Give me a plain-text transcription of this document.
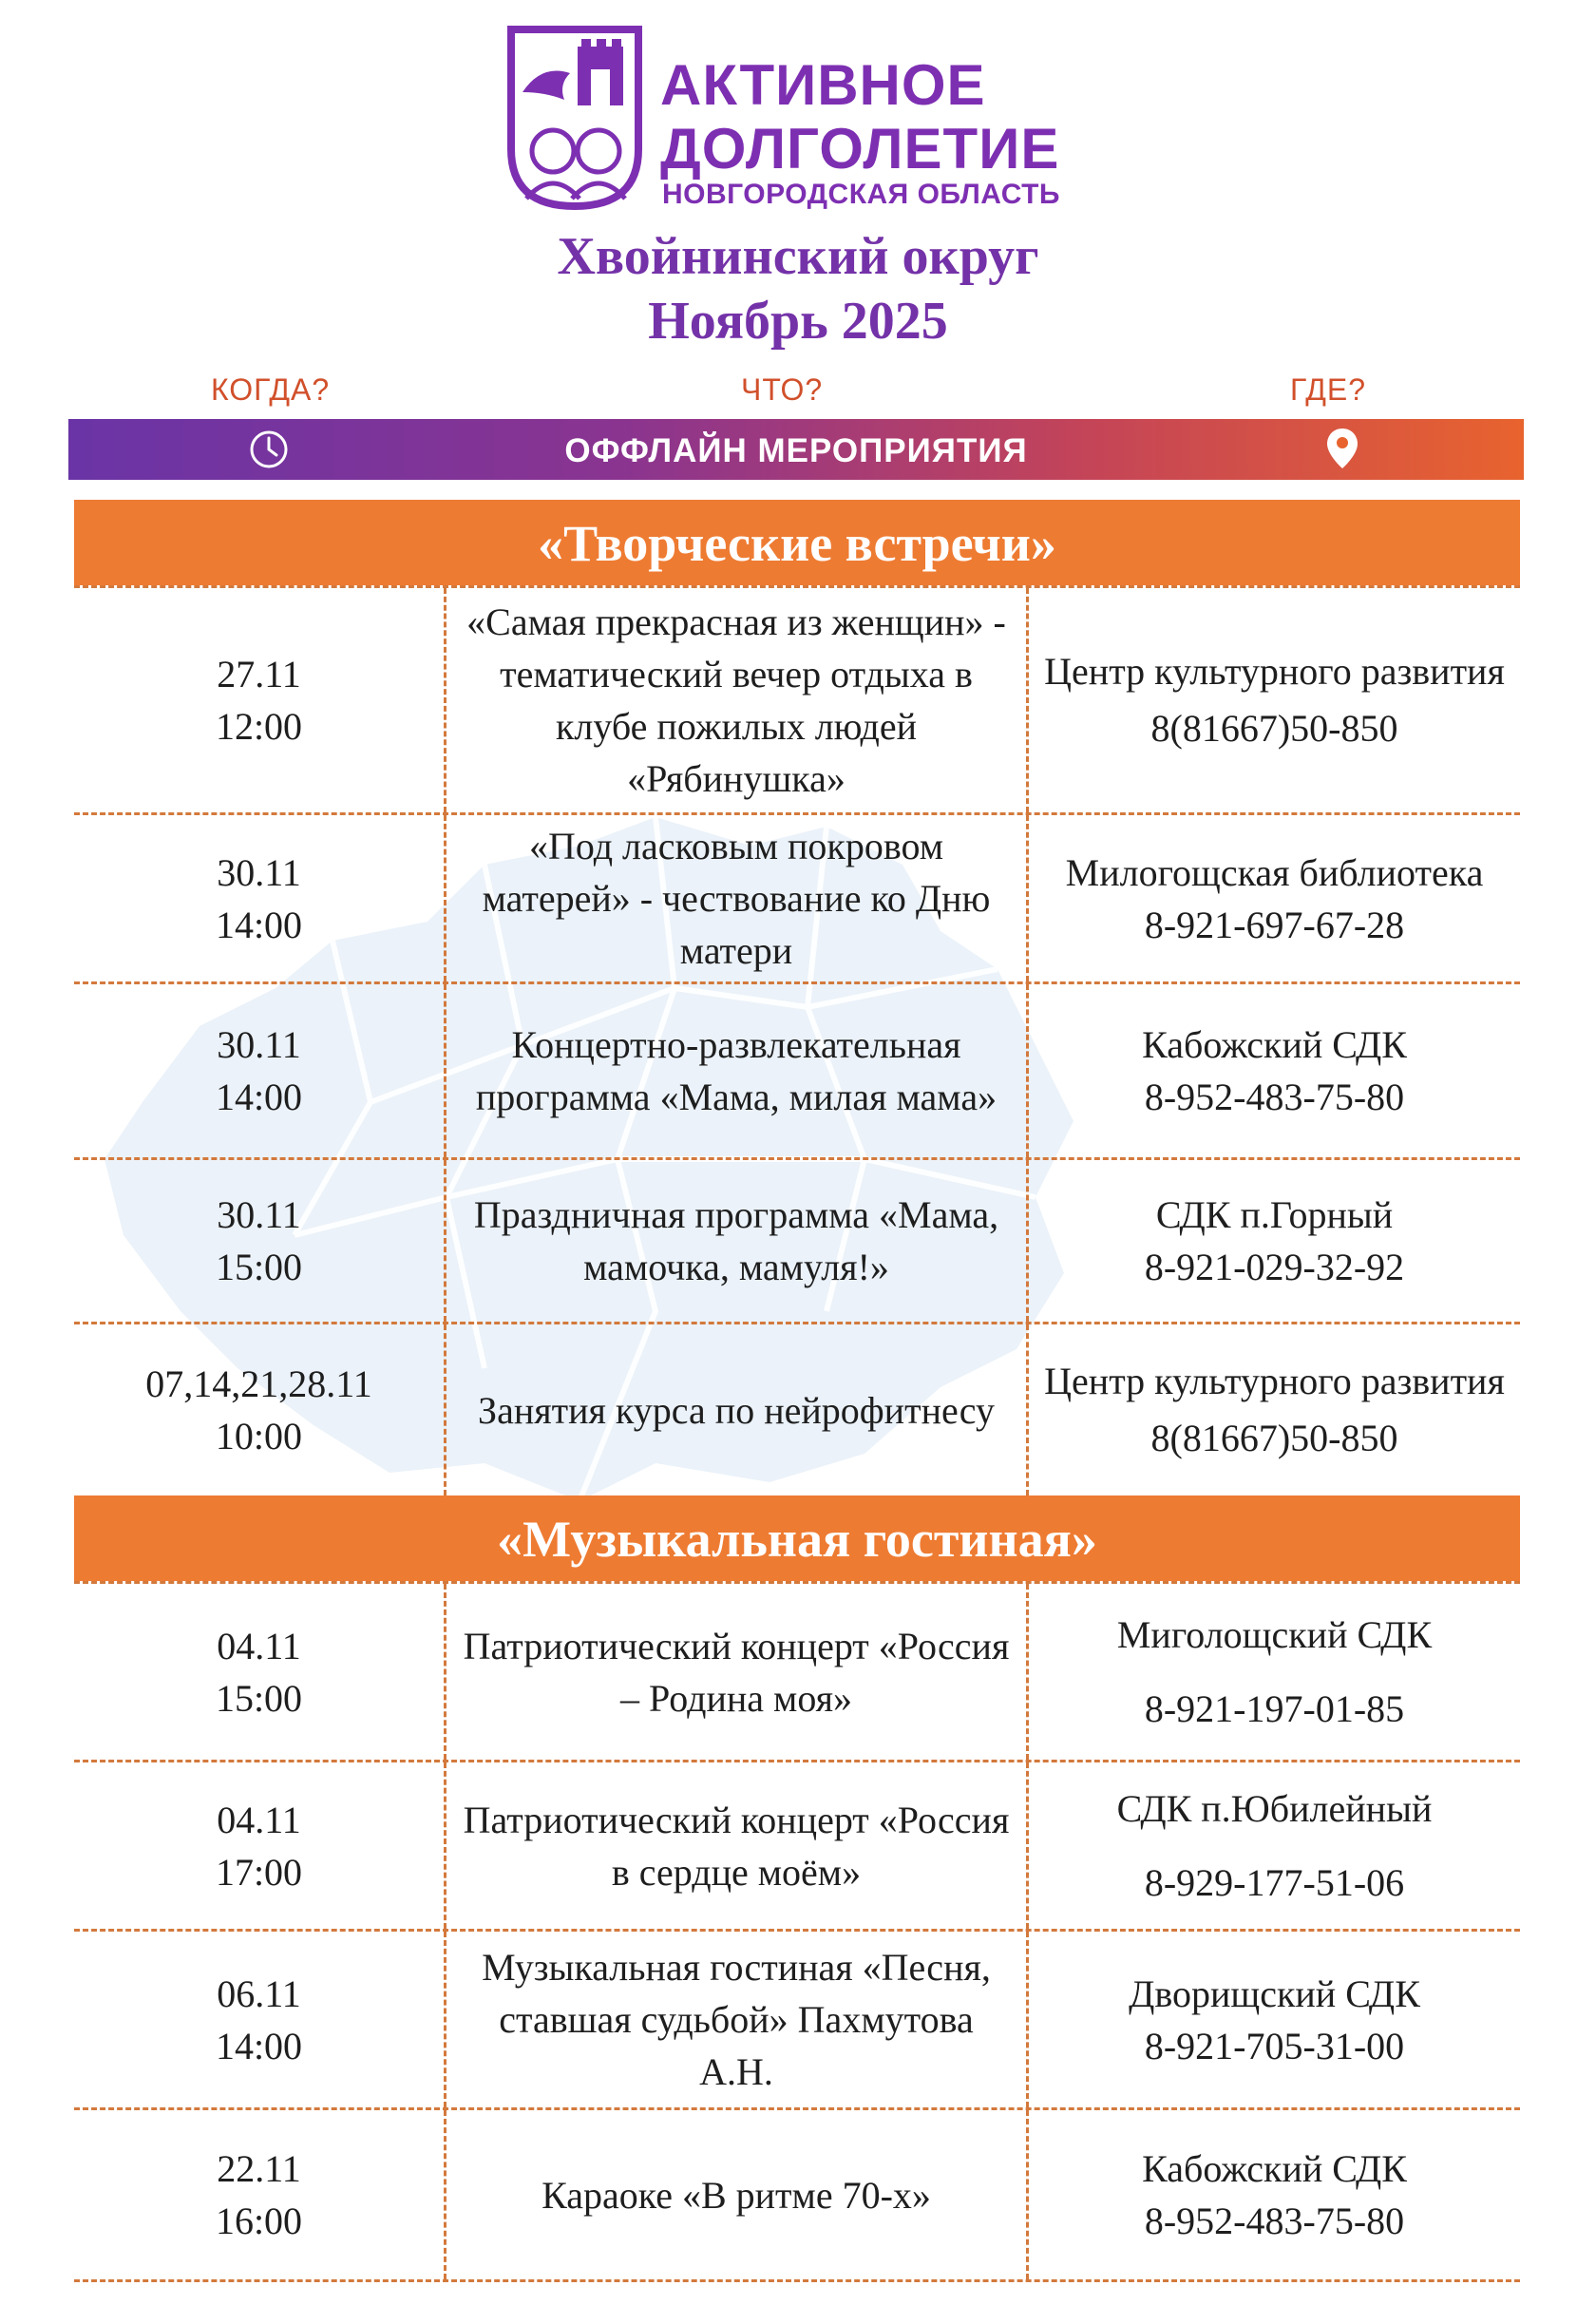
АКТИВНОЕ
ДОЛГОЛЕТИЕ
НОВГОРОДСКАЯ ОБЛАСТЬ
Хвойнинский округ
Ноябрь 2025
КОГДА?	ЧТО?	ГДЕ?
ОФФЛАЙН МЕРОПРИЯТИЯ
«Творческие встречи»
27.11
12:00
«Самая прекрасная из женщин» - тематический вечер отдыха в клубе пожилых людей «Рябинушка»
Центр культурного развития
8(81667)50-850
30.11
14:00
«Под ласковым покровом матерей» - чествование ко Дню матери
Милогощская библиотека
8-921-697-67-28
30.11
14:00
Концертно-развлекательная программа «Мама, милая мама»
Кабожский СДК
8-952-483-75-80
30.11
15:00
Праздничная программа «Мама, мамочка, мамуля!»
СДК п.Горный
8-921-029-32-92
07,14,21,28.11
10:00
Занятия курса по нейрофитнесу
Центр культурного развития
8(81667)50-850
«Музыкальная гостиная»
04.11
15:00
Патриотический концерт «Россия – Родина моя»
Миголощский СДК
8-921-197-01-85
04.11
17:00
Патриотический концерт «Россия в сердце моём»
СДК п.Юбилейный
8-929-177-51-06
06.11
14:00
Музыкальная гостиная «Песня, ставшая судьбой» Пахмутова А.Н.
Дворищский СДК
8-921-705-31-00
22.11
16:00
Караоке «В ритме 70-х»
Кабожский СДК
8-952-483-75-80
